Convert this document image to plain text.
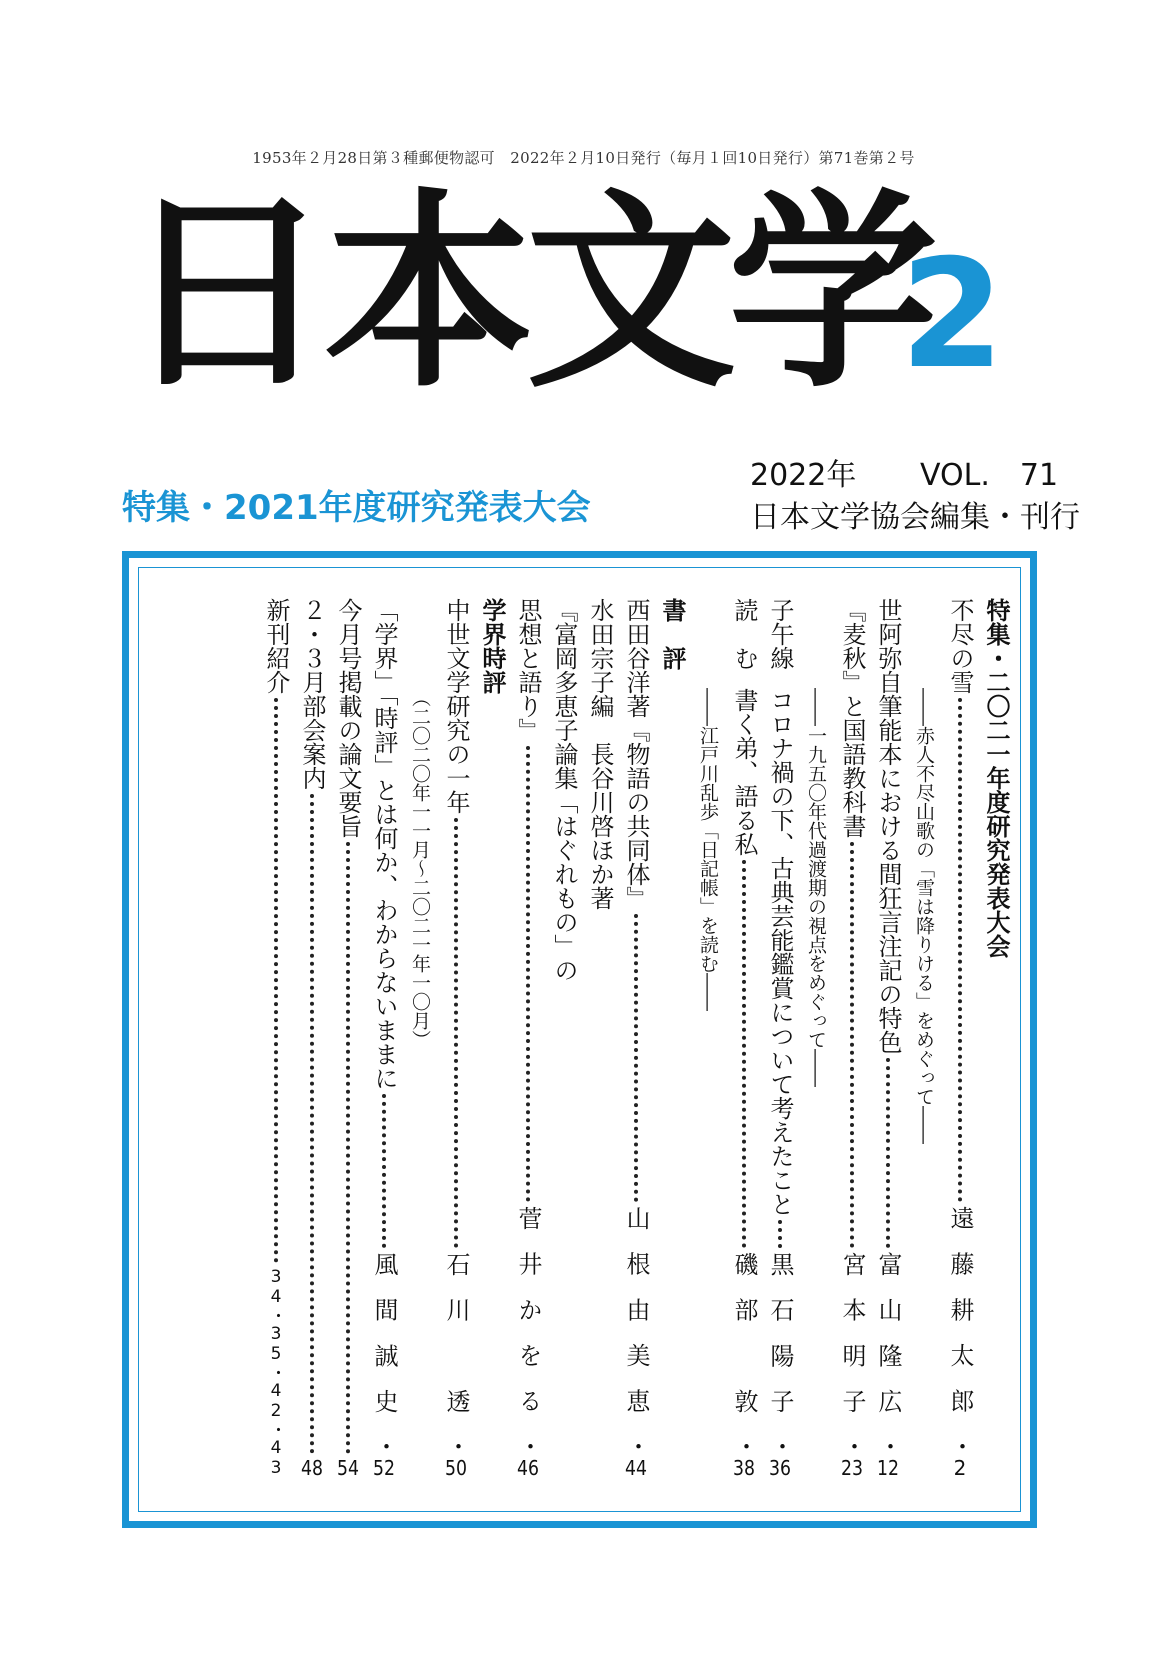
1953年２月28日第３種郵便物認可　2022年２月10日発行（毎月１回10日発行）第71巻第２号
日本文学
2
特集・2021年度研究発表大会
2022年 VOL.　71
日本文学協会編集・刊行
特集・二〇二一年度研究発表大会
不尽の雪
遠藤耕太郎
・
2
――赤人不尽山歌の「雪は降りける」をめぐって――
世阿弥自筆能本における間狂言注記の特色
富山隆広
・
12
『麦秋』と国語教科書
宮本明子
・
23
――一九五〇年代過渡期の視点をめぐって――
子午線
コロナ禍の下、古典芸能鑑賞について考えたこと
黒石陽子
・
36
読　む
書く弟、語る私
磯部　敦
・
38
――江戸川乱歩「日記帳」を読む――
書　評
西田谷洋著『物語の共同体』
山根由美恵
・
44
水田宗子編　長谷川啓ほか著
『富岡多恵子論集「はぐれもの」の
思想と語り』
菅井かをる
・
46
学界時評
中世文学研究の一年
石川　透
・
50
（二〇二〇年一一月～二〇二一年一〇月）
「学界」「時評」とは何か、わからないままに
風間誠史
・
52
今月号掲載の論文要旨
54
２・３月部会案内
48
新刊紹介
34・35・42・43
